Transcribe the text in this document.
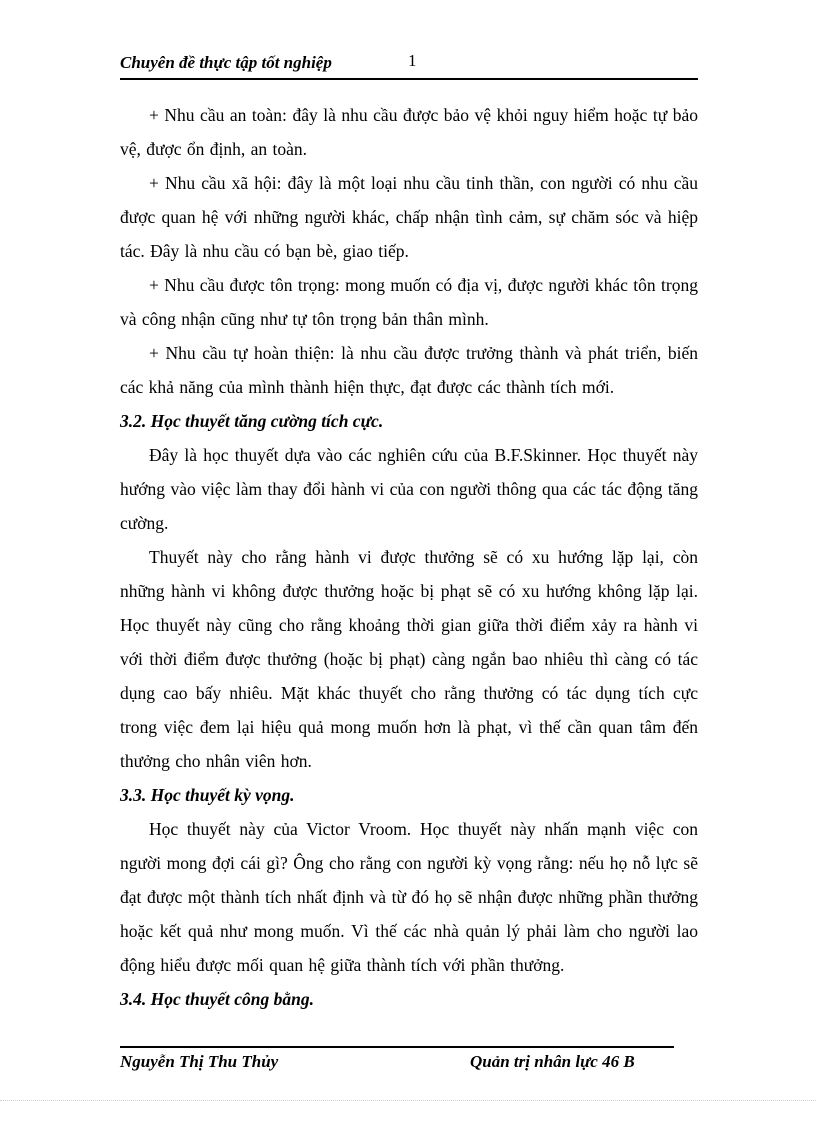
Chuyên đề thực tập tốt nghiệp	1

+ Nhu cầu an toàn: đây là nhu cầu được bảo vệ khỏi nguy hiểm hoặc tự bảo vệ, được ổn định, an toàn.

+ Nhu cầu xã hội: đây là một loại nhu cầu tinh thần, con người có nhu cầu được quan hệ với những người khác, chấp nhận tình cảm, sự chăm sóc và hiệp tác. Đây là nhu cầu có bạn bè, giao tiếp.

+ Nhu cầu được tôn trọng: mong muốn có địa vị, được người khác tôn trọng và công nhận cũng như tự tôn trọng bản thân mình.

+ Nhu cầu tự hoàn thiện: là nhu cầu được trưởng thành và phát triển, biến các khả năng của mình thành hiện thực, đạt được các thành tích mới.

3.2. Học thuyết tăng cường tích cực.

Đây là học thuyết dựa vào các nghiên cứu của B.F.Skinner. Học thuyết này hướng vào việc làm thay đổi hành vi của con người thông qua các tác động tăng cường.

Thuyết này cho rằng hành vi được thưởng sẽ có xu hướng lặp lại, còn những hành vi không được thưởng hoặc bị phạt sẽ có xu hướng không lặp lại. Học thuyết này cũng cho rằng khoảng thời gian giữa thời điểm xảy ra hành vi với thời điểm được thưởng (hoặc bị phạt) càng ngắn bao nhiêu thì càng có tác dụng cao bấy nhiêu. Mặt khác thuyết cho rằng thưởng có tác dụng tích cực trong việc đem lại hiệu quả mong muốn hơn là phạt, vì thế cần quan tâm đến thưởng cho nhân viên hơn.

3.3. Học thuyết kỳ vọng.

Học thuyết này của Victor Vroom. Học thuyết này nhấn mạnh việc con người mong đợi cái gì? Ông cho rằng con người kỳ vọng rằng: nếu họ nỗ lực sẽ đạt được một thành tích nhất định và từ đó họ sẽ nhận được những phần thưởng hoặc kết quả như mong muốn. Vì thế các nhà quản lý phải làm cho người lao động hiểu được mối quan hệ giữa thành tích với phần thưởng.

3.4. Học thuyết công bằng.

Nguyễn Thị Thu Thủy	Quản trị nhân lực 46 B
